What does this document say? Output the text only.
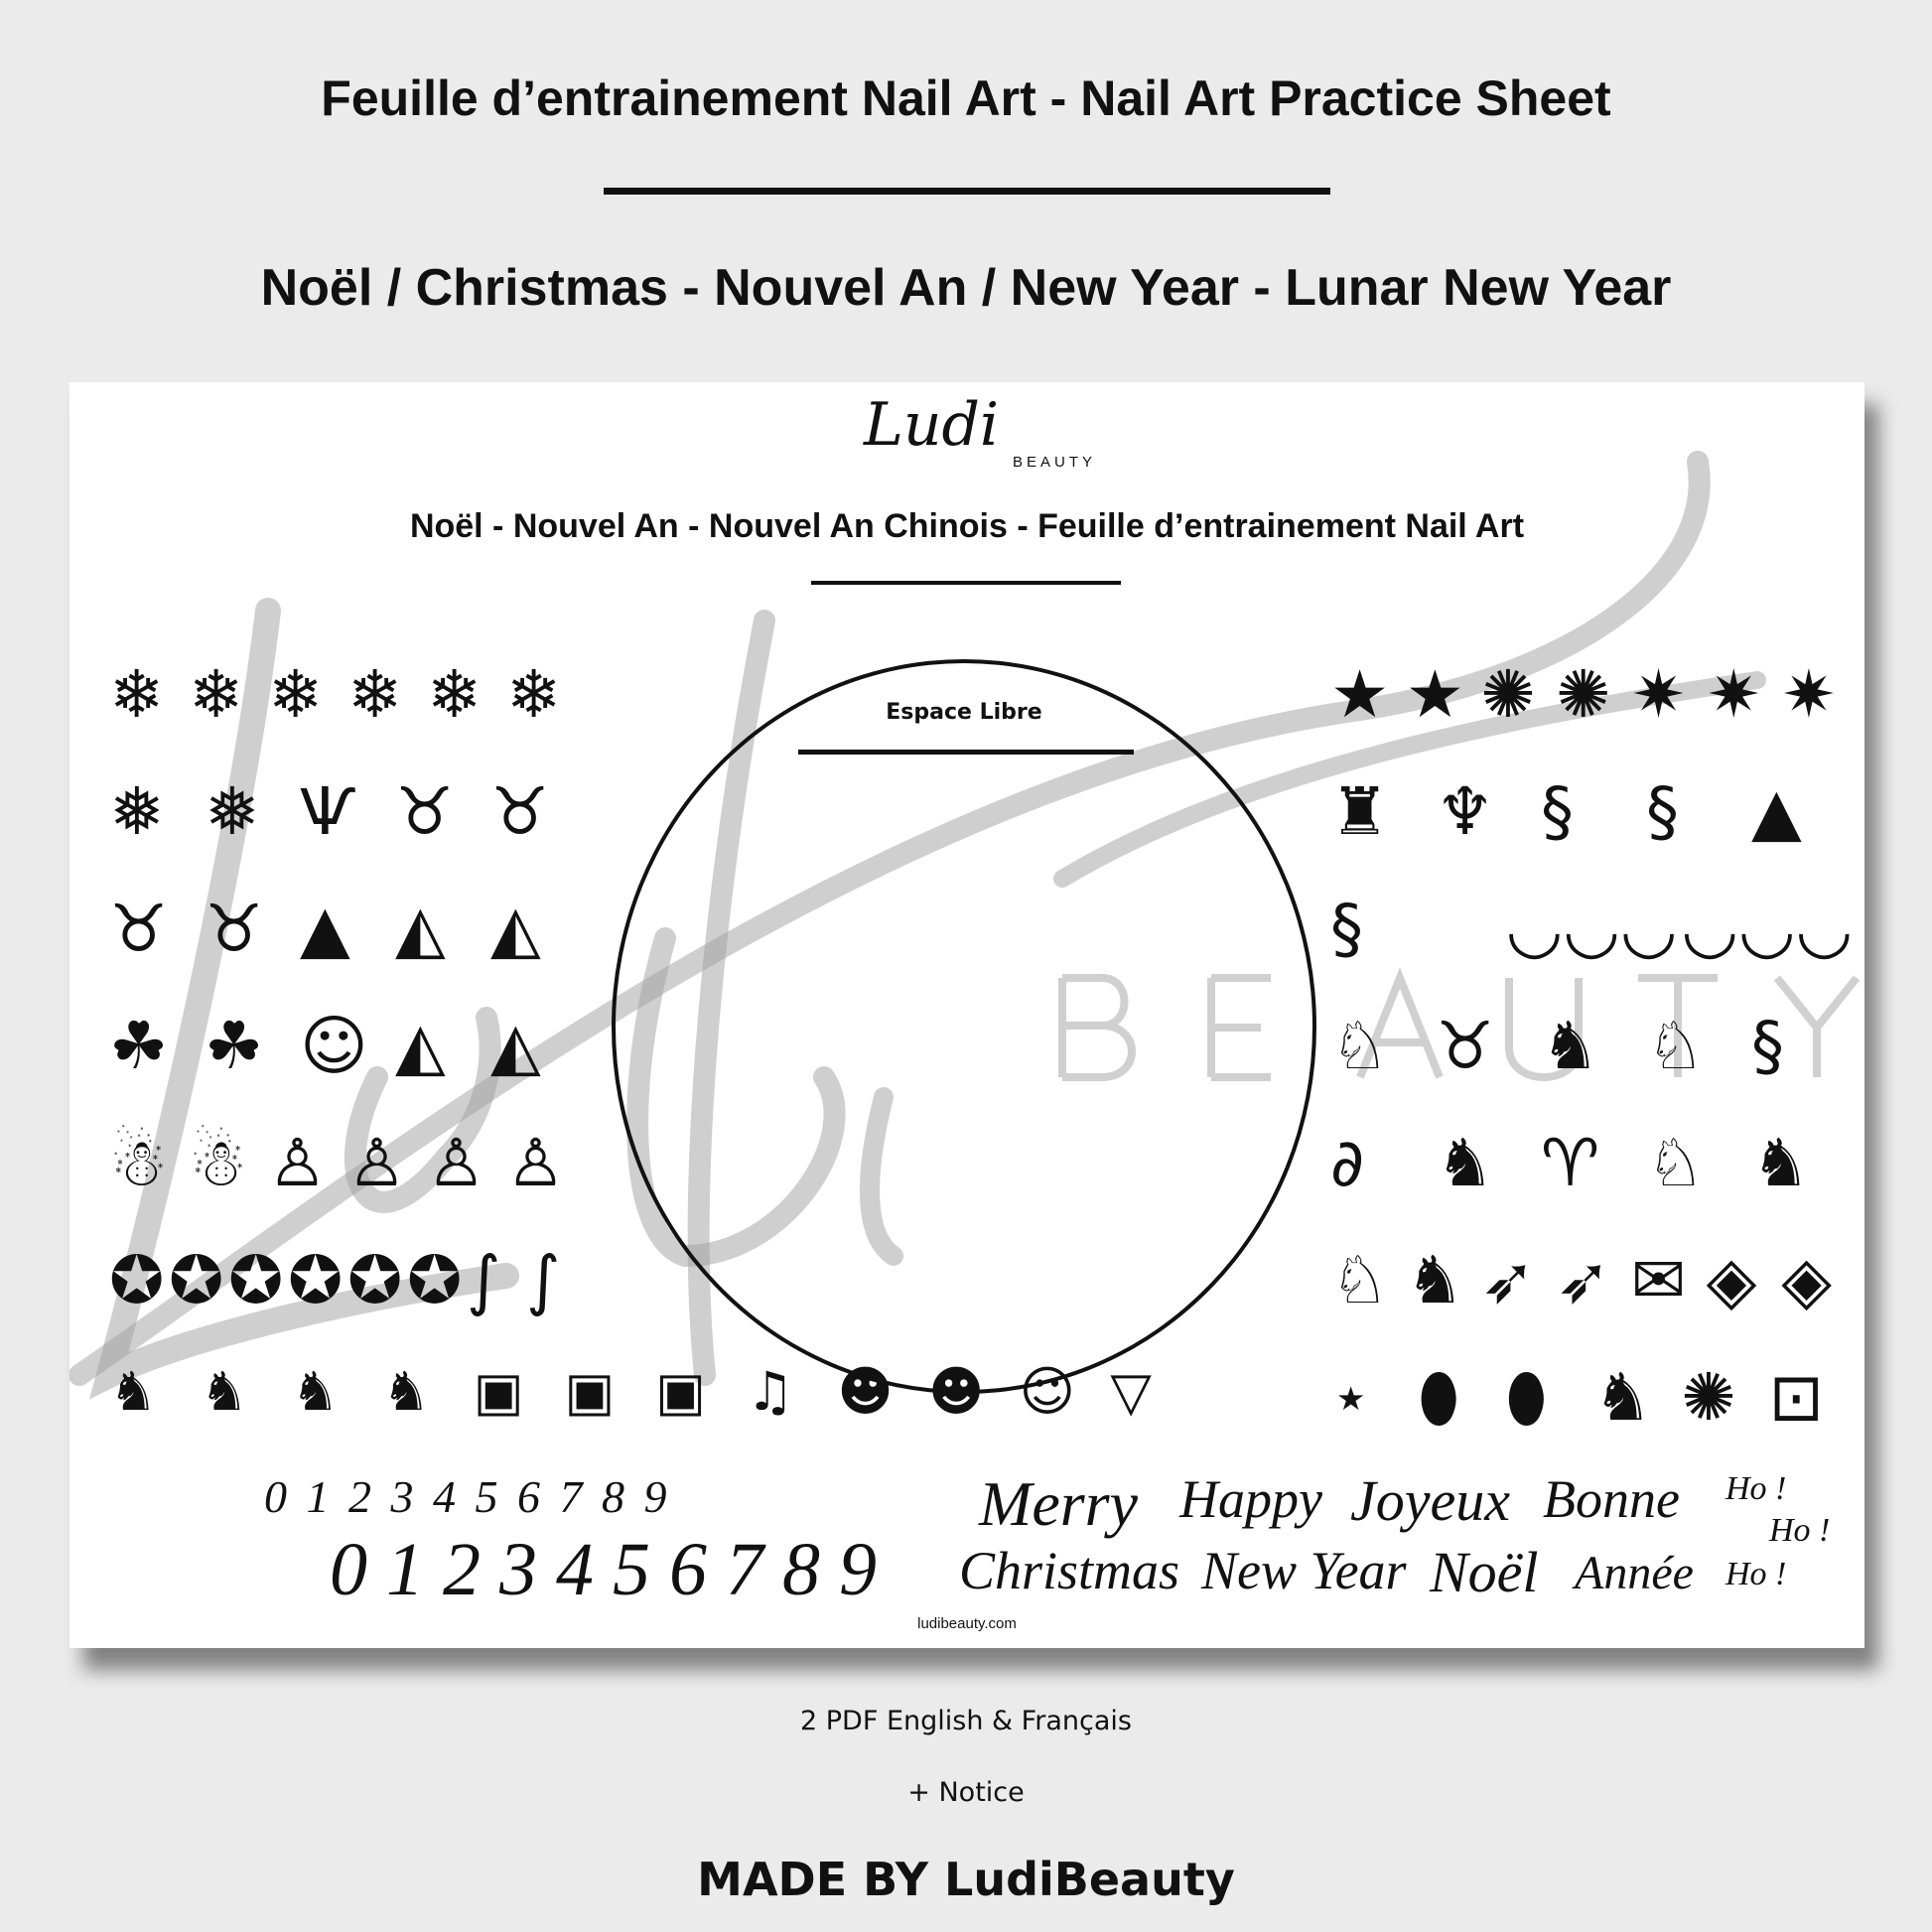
Feuille d’entrainement Nail Art - Nail Art Practice Sheet
Noël / Christmas - Nouvel An / New Year - Lunar New Year
Ludi
BEAUTY
Noël - Nouvel An - Nouvel An Chinois - Feuille d’entrainement Nail Art
Espace Libre
❄ ❄ ❄ ❄ ❄ ❄
❅ ❅ Ѱ ♉ ♉
♉ ♉ ▲ ◭ ◭
☘ ☘ ☺ ◭ ◭
☃ ☃ ♙ ♙ ♙ ♙
✪ ✪ ✪ ✪ ✪ ✪ ∫ ∫
♞ ♞ ♞ ♞ ▣ ▣ ▣ ♫ ☻ ☻ ☺ ▽
★ ★ ✺ ✺ ✷ ✷ ✷
♜ ♆ § § ▲
§ ◡◡◡ ◡◡◡
♘ ♉ ♞ ♘ §
∂ ♞ ♈ ♘ ♞
♘ ♞ ➶ ➶ ✉ ◈ ◈
⋆ ⬮ ⬮ ♞ ✺ ⊡
0 1 2 3 4 5 6 7 8 9
0 1 2 3 4 5 6 7 8 9
Merry
Christmas
Happy
New Year
Joyeux
Noël
Bonne
Année
Ho !
Ho !
Ho !
ludibeauty.com
2 PDF English & Français
+ Notice
MADE BY LudiBeauty
